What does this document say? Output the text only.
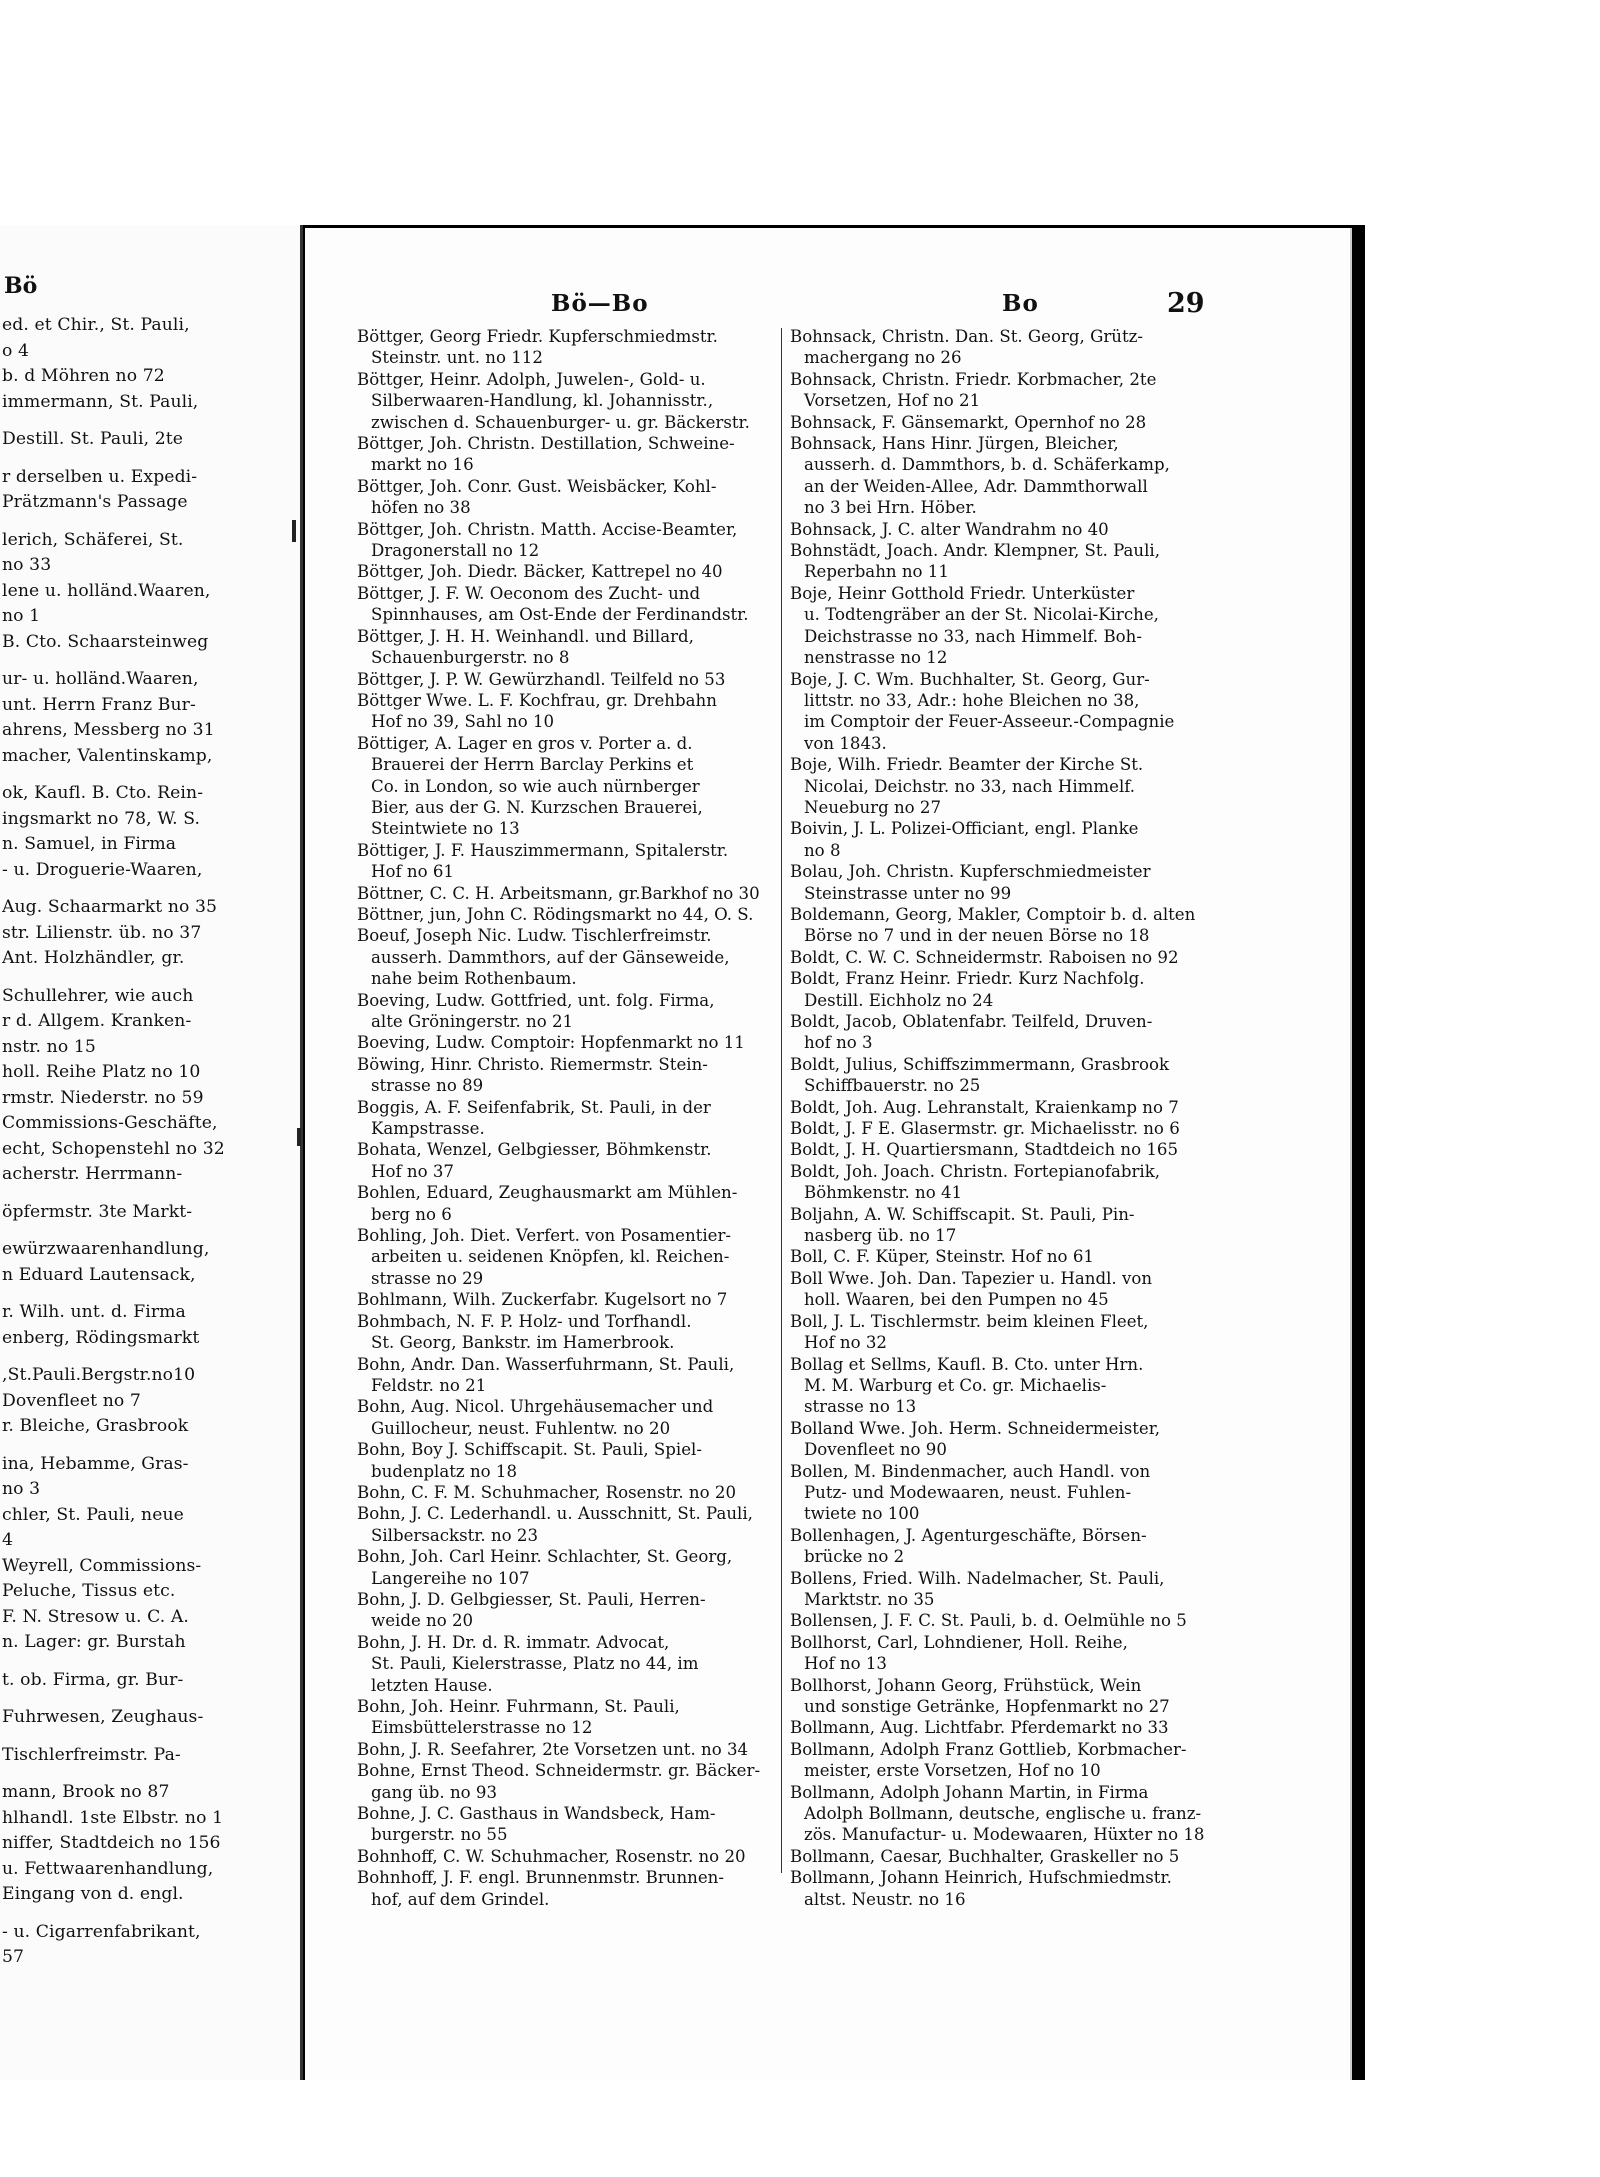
Bö
ed. et Chir., St. Pauli,
o 4
b. d Möhren no 72
immermann, St. Pauli,
Destill. St. Pauli, 2te
r derselben u. Expedi-
Prätzmann's Passage
lerich, Schäferei, St.
no 33
lene u. holländ.Waaren,
no 1
B. Cto. Schaarsteinweg
ur- u. holländ.Waaren,
unt. Herrn Franz Bur-
ahrens, Messberg no 31
macher, Valentinskamp,
ok, Kaufl. B. Cto. Rein-
ingsmarkt no 78, W. S.
n. Samuel, in Firma
- u. Droguerie-Waaren,
Aug. Schaarmarkt no 35
str. Lilienstr. üb. no 37
Ant. Holzhändler, gr.
Schullehrer, wie auch
r d. Allgem. Kranken-
nstr. no 15
holl. Reihe Platz no 10
rmstr. Niederstr. no 59
Commissions-Geschäfte,
echt, Schopenstehl no 32
acherstr. Herrmann-
öpfermstr. 3te Markt-
ewürzwaarenhandlung,
n Eduard Lautensack,
r. Wilh. unt. d. Firma
enberg, Rödingsmarkt
,St.Pauli.Bergstr.no10
Dovenfleet no 7
r. Bleiche, Grasbrook
ina, Hebamme, Gras-
no 3
chler, St. Pauli, neue
4
Weyrell, Commissions-
Peluche, Tissus etc.
F. N. Stresow u. C. A.
n. Lager: gr. Burstah
t. ob. Firma, gr. Bur-
Fuhrwesen, Zeughaus-
Tischlerfreimstr. Pa-
mann, Brook no 87
hlhandl. 1ste Elbstr. no 1
niffer, Stadtdeich no 156
u. Fettwaarenhandlung,
Eingang von d. engl.
- u. Cigarrenfabrikant,
57
Bö—Bo	Bo	29
Böttger, Georg Friedr. Kupferschmiedmstr.
Steinstr. unt. no 112
Böttger, Heinr. Adolph, Juwelen-, Gold- u.
Silberwaaren-Handlung, kl. Johannisstr.,
zwischen d. Schauenburger- u. gr. Bäckerstr.
Böttger, Joh. Christn. Destillation, Schweine-
markt no 16
Böttger, Joh. Conr. Gust. Weisbäcker, Kohl-
höfen no 38
Böttger, Joh. Christn. Matth. Accise-Beamter,
Dragonerstall no 12
Böttger, Joh. Diedr. Bäcker, Kattrepel no 40
Böttger, J. F. W. Oeconom des Zucht- und
Spinnhauses, am Ost-Ende der Ferdinandstr.
Böttger, J. H. H. Weinhandl. und Billard,
Schauenburgerstr. no 8
Böttger, J. P. W. Gewürzhandl. Teilfeld no 53
Böttger Wwe. L. F. Kochfrau, gr. Drehbahn
Hof no 39, Sahl no 10
Böttiger, A. Lager en gros v. Porter a. d.
Brauerei der Herrn Barclay Perkins et
Co. in London, so wie auch nürnberger
Bier, aus der G. N. Kurzschen Brauerei,
Steintwiete no 13
Böttiger, J. F. Hauszimmermann, Spitalerstr.
Hof no 61
Böttner, C. C. H. Arbeitsmann, gr.Barkhof no 30
Böttner, jun, John C. Rödingsmarkt no 44, O. S.
Boeuf, Joseph Nic. Ludw. Tischlerfreimstr.
ausserh. Dammthors, auf der Gänseweide,
nahe beim Rothenbaum.
Boeving, Ludw. Gottfried, unt. folg. Firma,
alte Gröningerstr. no 21
Boeving, Ludw. Comptoir: Hopfenmarkt no 11
Böwing, Hinr. Christo. Riemermstr. Stein-
strasse no 89
Boggis, A. F. Seifenfabrik, St. Pauli, in der
Kampstrasse.
Bohata, Wenzel, Gelbgiesser, Böhmkenstr.
Hof no 37
Bohlen, Eduard, Zeughausmarkt am Mühlen-
berg no 6
Bohling, Joh. Diet. Verfert. von Posamentier-
arbeiten u. seidenen Knöpfen, kl. Reichen-
strasse no 29
Bohlmann, Wilh. Zuckerfabr. Kugelsort no 7
Bohmbach, N. F. P. Holz- und Torfhandl.
St. Georg, Bankstr. im Hamerbrook.
Bohn, Andr. Dan. Wasserfuhrmann, St. Pauli,
Feldstr. no 21
Bohn, Aug. Nicol. Uhrgehäusemacher und
Guillocheur, neust. Fuhlentw. no 20
Bohn, Boy J. Schiffscapit. St. Pauli, Spiel-
budenplatz no 18
Bohn, C. F. M. Schuhmacher, Rosenstr. no 20
Bohn, J. C. Lederhandl. u. Ausschnitt, St. Pauli,
Silbersackstr. no 23
Bohn, Joh. Carl Heinr. Schlachter, St. Georg,
Langereihe no 107
Bohn, J. D. Gelbgiesser, St. Pauli, Herren-
weide no 20
Bohn, J. H. Dr. d. R. immatr. Advocat,
St. Pauli, Kielerstrasse, Platz no 44, im
letzten Hause.
Bohn, Joh. Heinr. Fuhrmann, St. Pauli,
Eimsbüttelerstrasse no 12
Bohn, J. R. Seefahrer, 2te Vorsetzen unt. no 34
Bohne, Ernst Theod. Schneidermstr. gr. Bäcker-
gang üb. no 93
Bohne, J. C. Gasthaus in Wandsbeck, Ham-
burgerstr. no 55
Bohnhoff, C. W. Schuhmacher, Rosenstr. no 20
Bohnhoff, J. F. engl. Brunnenmstr. Brunnen-
hof, auf dem Grindel.
Bohnsack, Christn. Dan. St. Georg, Grütz-
machergang no 26
Bohnsack, Christn. Friedr. Korbmacher, 2te
Vorsetzen, Hof no 21
Bohnsack, F. Gänsemarkt, Opernhof no 28
Bohnsack, Hans Hinr. Jürgen, Bleicher,
ausserh. d. Dammthors, b. d. Schäferkamp,
an der Weiden-Allee, Adr. Dammthorwall
no 3 bei Hrn. Höber.
Bohnsack, J. C. alter Wandrahm no 40
Bohnstädt, Joach. Andr. Klempner, St. Pauli,
Reperbahn no 11
Boje, Heinr Gotthold Friedr. Unterküster
u. Todtengräber an der St. Nicolai-Kirche,
Deichstrasse no 33, nach Himmelf. Boh-
nenstrasse no 12
Boje, J. C. Wm. Buchhalter, St. Georg, Gur-
littstr. no 33, Adr.: hohe Bleichen no 38,
im Comptoir der Feuer-Asseeur.-Compagnie
von 1843.
Boje, Wilh. Friedr. Beamter der Kirche St.
Nicolai, Deichstr. no 33, nach Himmelf.
Neueburg no 27
Boivin, J. L. Polizei-Officiant, engl. Planke
no 8
Bolau, Joh. Christn. Kupferschmiedmeister
Steinstrasse unter no 99
Boldemann, Georg, Makler, Comptoir b. d. alten
Börse no 7 und in der neuen Börse no 18
Boldt, C. W. C. Schneidermstr. Raboisen no 92
Boldt, Franz Heinr. Friedr. Kurz Nachfolg.
Destill. Eichholz no 24
Boldt, Jacob, Oblatenfabr. Teilfeld, Druven-
hof no 3
Boldt, Julius, Schiffszimmermann, Grasbrook
Schiffbauerstr. no 25
Boldt, Joh. Aug. Lehranstalt, Kraienkamp no 7
Boldt, J. F E. Glasermstr. gr. Michaelisstr. no 6
Boldt, J. H. Quartiersmann, Stadtdeich no 165
Boldt, Joh. Joach. Christn. Fortepianofabrik,
Böhmkenstr. no 41
Boljahn, A. W. Schiffscapit. St. Pauli, Pin-
nasberg üb. no 17
Boll, C. F. Küper, Steinstr. Hof no 61
Boll Wwe. Joh. Dan. Tapezier u. Handl. von
holl. Waaren, bei den Pumpen no 45
Boll, J. L. Tischlermstr. beim kleinen Fleet,
Hof no 32
Bollag et Sellms, Kaufl. B. Cto. unter Hrn.
M. M. Warburg et Co. gr. Michaelis-
strasse no 13
Bolland Wwe. Joh. Herm. Schneidermeister,
Dovenfleet no 90
Bollen, M. Bindenmacher, auch Handl. von
Putz- und Modewaaren, neust. Fuhlen-
twiete no 100
Bollenhagen, J. Agenturgeschäfte, Börsen-
brücke no 2
Bollens, Fried. Wilh. Nadelmacher, St. Pauli,
Marktstr. no 35
Bollensen, J. F. C. St. Pauli, b. d. Oelmühle no 5
Bollhorst, Carl, Lohndiener, Holl. Reihe,
Hof no 13
Bollhorst, Johann Georg, Frühstück, Wein
und sonstige Getränke, Hopfenmarkt no 27
Bollmann, Aug. Lichtfabr. Pferdemarkt no 33
Bollmann, Adolph Franz Gottlieb, Korbmacher-
meister, erste Vorsetzen, Hof no 10
Bollmann, Adolph Johann Martin, in Firma
Adolph Bollmann, deutsche, englische u. franz-
zös. Manufactur- u. Modewaaren, Hüxter no 18
Bollmann, Caesar, Buchhalter, Graskeller no 5
Bollmann, Johann Heinrich, Hufschmiedmstr.
altst. Neustr. no 16
